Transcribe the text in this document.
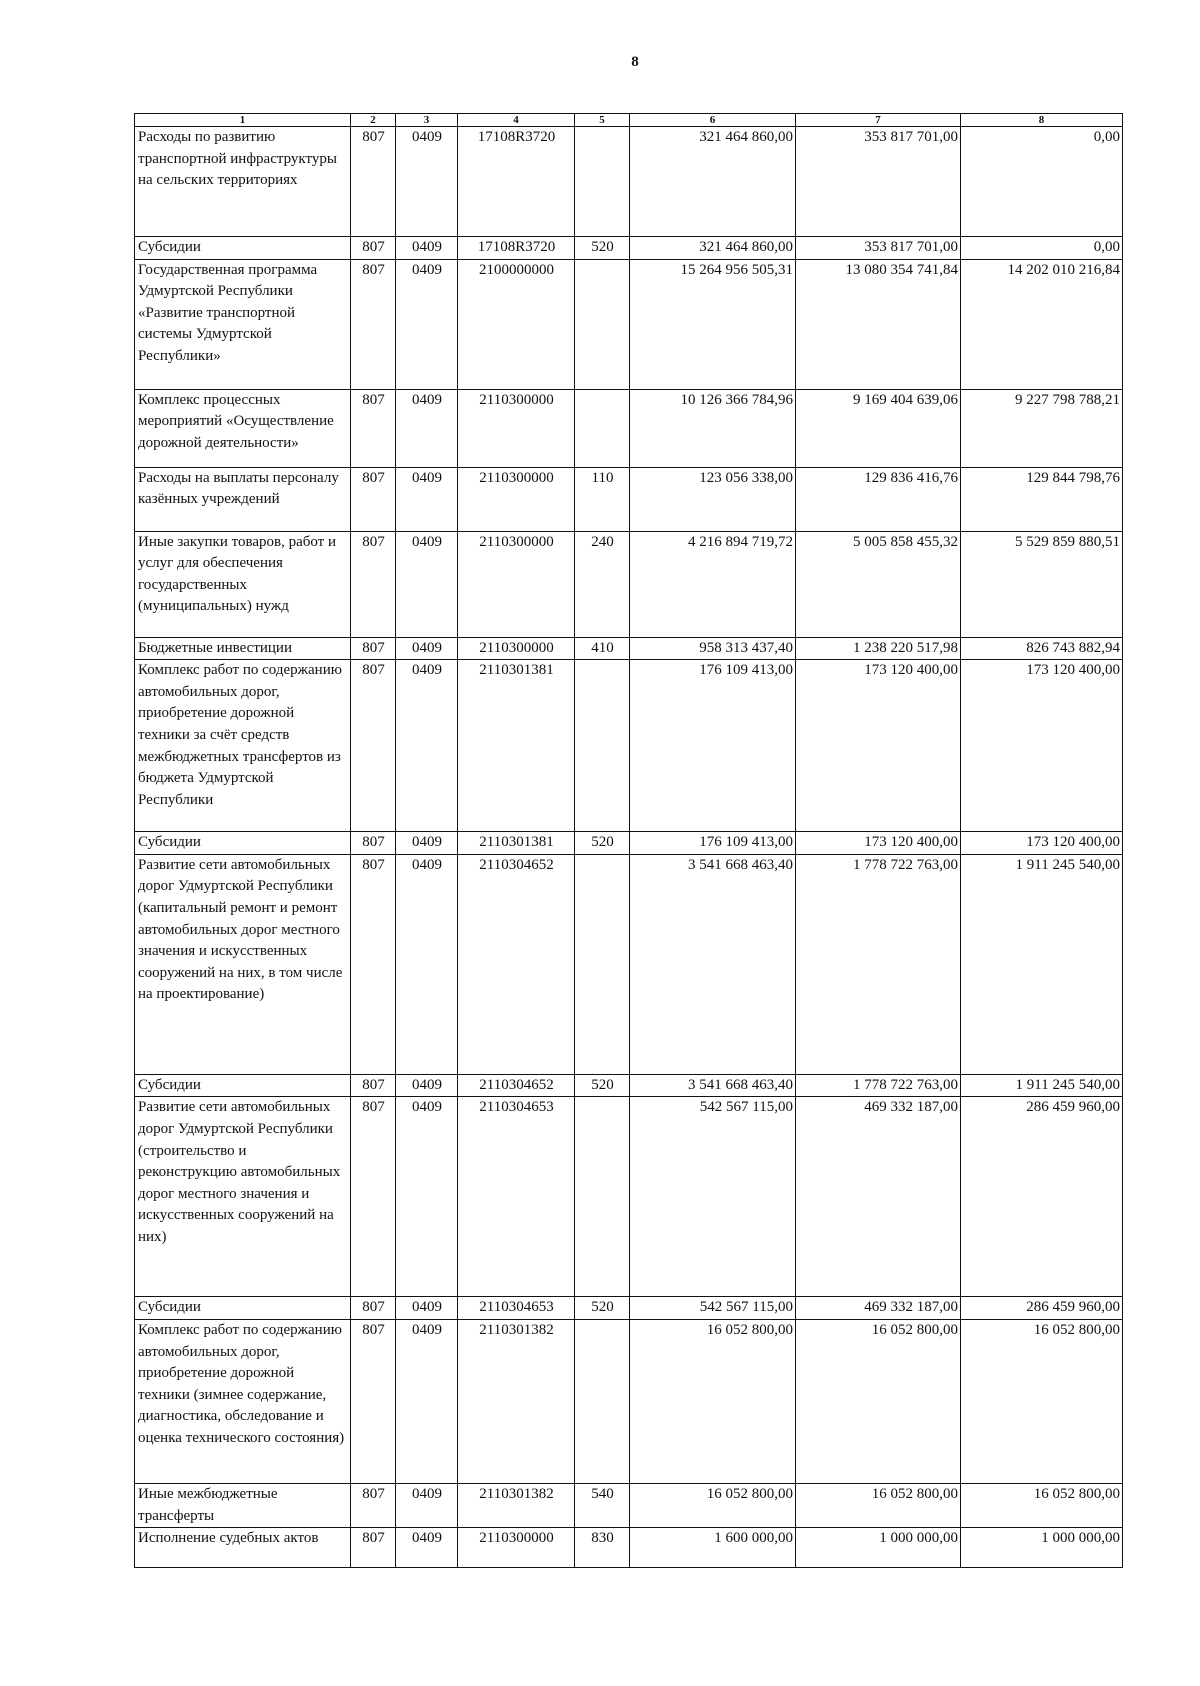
8
1	2	3	4	5	6	7	8
Расходы по развитию транспортной инфраструктуры на сельских территориях	807	0409	17108R3720		321 464 860,00	353 817 701,00	0,00
Субсидии	807	0409	17108R3720	520	321 464 860,00	353 817 701,00	0,00
Государственная программа Удмуртской Республики «Развитие транспортной системы Удмуртской Республики»	807	0409	2100000000		15 264 956 505,31	13 080 354 741,84	14 202 010 216,84
Комплекс процессных мероприятий «Осуществление дорожной деятельности»	807	0409	2110300000		10 126 366 784,96	9 169 404 639,06	9 227 798 788,21
Расходы на выплаты персоналу казённых учреждений	807	0409	2110300000	110	123 056 338,00	129 836 416,76	129 844 798,76
Иные закупки товаров, работ и услуг для обеспечения государственных (муниципальных) нужд	807	0409	2110300000	240	4 216 894 719,72	5 005 858 455,32	5 529 859 880,51
Бюджетные инвестиции	807	0409	2110300000	410	958 313 437,40	1 238 220 517,98	826 743 882,94
Комплекс работ по содержанию автомобильных дорог, приобретение дорожной техники за счёт средств межбюджетных трансфертов из бюджета Удмуртской Республики	807	0409	2110301381		176 109 413,00	173 120 400,00	173 120 400,00
Субсидии	807	0409	2110301381	520	176 109 413,00	173 120 400,00	173 120 400,00
Развитие сети автомобильных дорог Удмуртской Республики (капитальный ремонт и ремонт автомобильных дорог местного значения и искусственных сооружений на них, в том числе на проектирование)	807	0409	2110304652		3 541 668 463,40	1 778 722 763,00	1 911 245 540,00
Субсидии	807	0409	2110304652	520	3 541 668 463,40	1 778 722 763,00	1 911 245 540,00
Развитие сети автомобильных дорог Удмуртской Республики (строительство и реконструкцию автомобильных дорог местного значения и искусственных сооружений на них)	807	0409	2110304653		542 567 115,00	469 332 187,00	286 459 960,00
Субсидии	807	0409	2110304653	520	542 567 115,00	469 332 187,00	286 459 960,00
Комплекс работ по содержанию автомобильных дорог, приобретение дорожной техники (зимнее содержание, диагностика, обследование и оценка технического состояния)	807	0409	2110301382		16 052 800,00	16 052 800,00	16 052 800,00
Иные межбюджетные трансферты	807	0409	2110301382	540	16 052 800,00	16 052 800,00	16 052 800,00
Исполнение судебных актов	807	0409	2110300000	830	1 600 000,00	1 000 000,00	1 000 000,00
